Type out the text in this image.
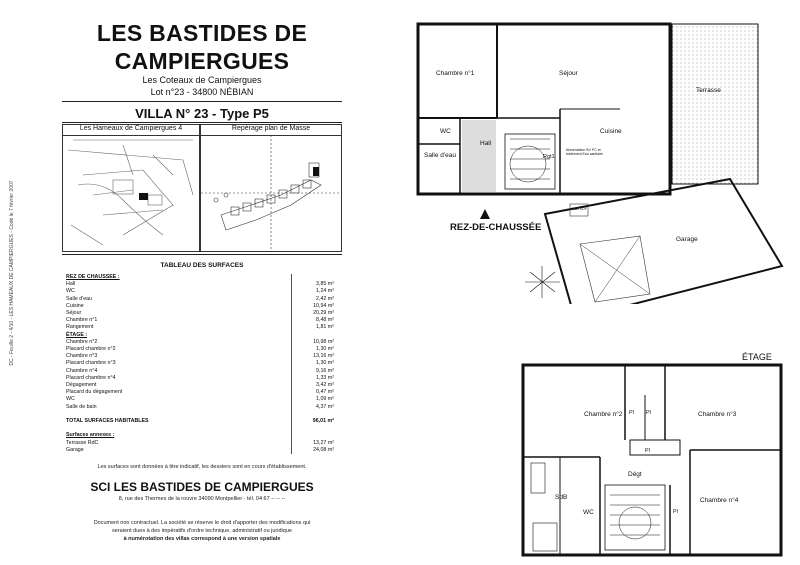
DC - Feuille 2 - 4/10 - LES HAMEAUX DE CAMPIERGUES - Codé le 7 février 2007
LES BASTIDES DE
CAMPIERGUES
Les Coteaux de Campiergues
Lot n°23 - 34800 NÉBIAN
VILLA N° 23 - Type P5
Les Hameaux de Campiergues 4	Repérage plan de Masse
TABLEAU DES SURFACES
REZ DE CHAUSSEE :	
Hall	3,85 m²
WC	1,24 m²
Salle d'eau	2,42 m²
Cuisine	10,94 m²
Séjour	20,29 m²
Chambre n°1	8,48 m²
Rangement	1,81 m²
ÉTAGE :	
Chambre n°2	10,98 m²
Placard chambre n°2	1,30 m²
Chambre n°3	13,16 m²
Placard chambre n°3	1,30 m²
Chambre n°4	9,16 m²
Placard chambre n°4	1,33 m²
Dégagement	3,42 m²
Placard du dégagement	0,47 m²
WC	1,09 m²
Salle de bain	4,37 m²

TOTAL SURFACES HABITABLES	96,01 m²

Surfaces annexes :	
Terrasse RdC	13,27 m²
Garage	24,08 m²
Les surfaces sont données à titre indicatif, les dessiers sont en cours d'établissement.
SCI LES BASTIDES DE CAMPIERGUES
8, rue des Thermes de la rouvre 34090 Montpellier · tél. 04 67 -- -- --
Document non contractuel. La société se réserve le droit d'apporter des modifications qui
seraient dues à des impératifs d'ordre technique, administratif ou juridique
à numérotation des villas correspond à une version spatiale
Chambre n°1	Séjour
Terrasse
WC
Hall
Cuisine
Salle d'eau	Rgt1
Garage
Alimentation BV PC et traitement Eau sanitaire
Baie EDF
REZ-DE-CHAUSSÉE
Chambre n°2	Chambre n°3
Pl Pl
Pl
Dégt
SdB
WC	Pl
Chambre n°4
ÉTAGE
